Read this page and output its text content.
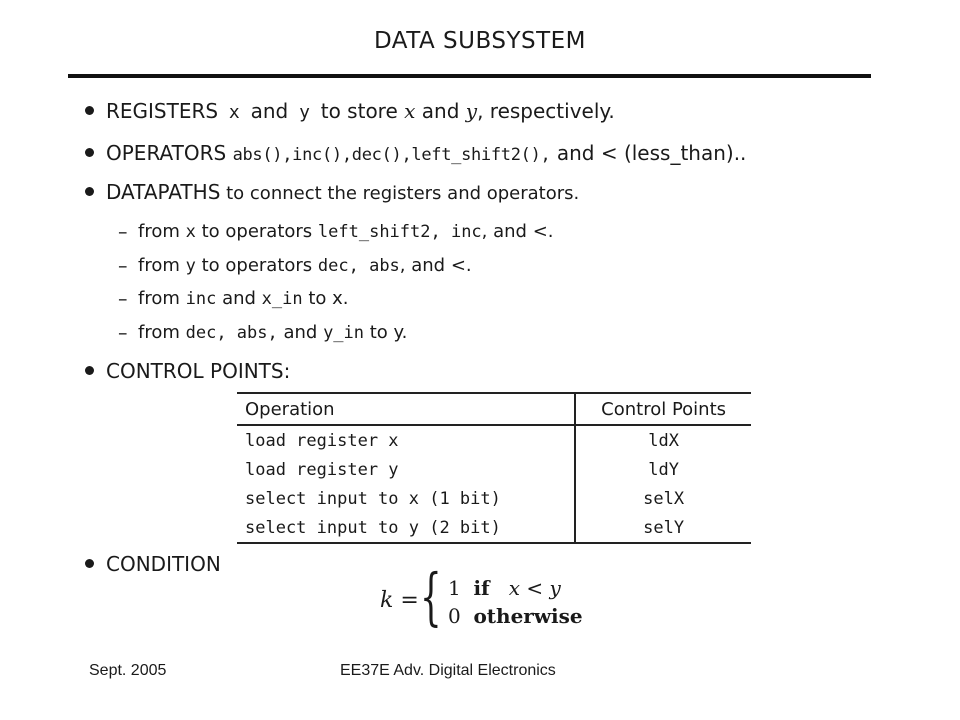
DATA SUBSYSTEM
REGISTERS x and y to store x and y, respectively.
OPERATORS abs(),inc(),dec(),left_shift2(), and < (less_than)..
DATAPATHS to connect the registers and operators.
– from x to operators left_shift2, inc, and <.
– from y to operators dec, abs, and <.
– from inc and x_in to x.
– from dec, abs, and y_in to y.
CONTROL POINTS:
Operation	Control Points
load register x	ldX
load register y	ldY
select input to x (1 bit)	selX
select input to y (2 bit)	selY
CONDITION
k = { 1 if x < y
0 otherwise
Sept. 2005	EE37E Adv. Digital Electronics
